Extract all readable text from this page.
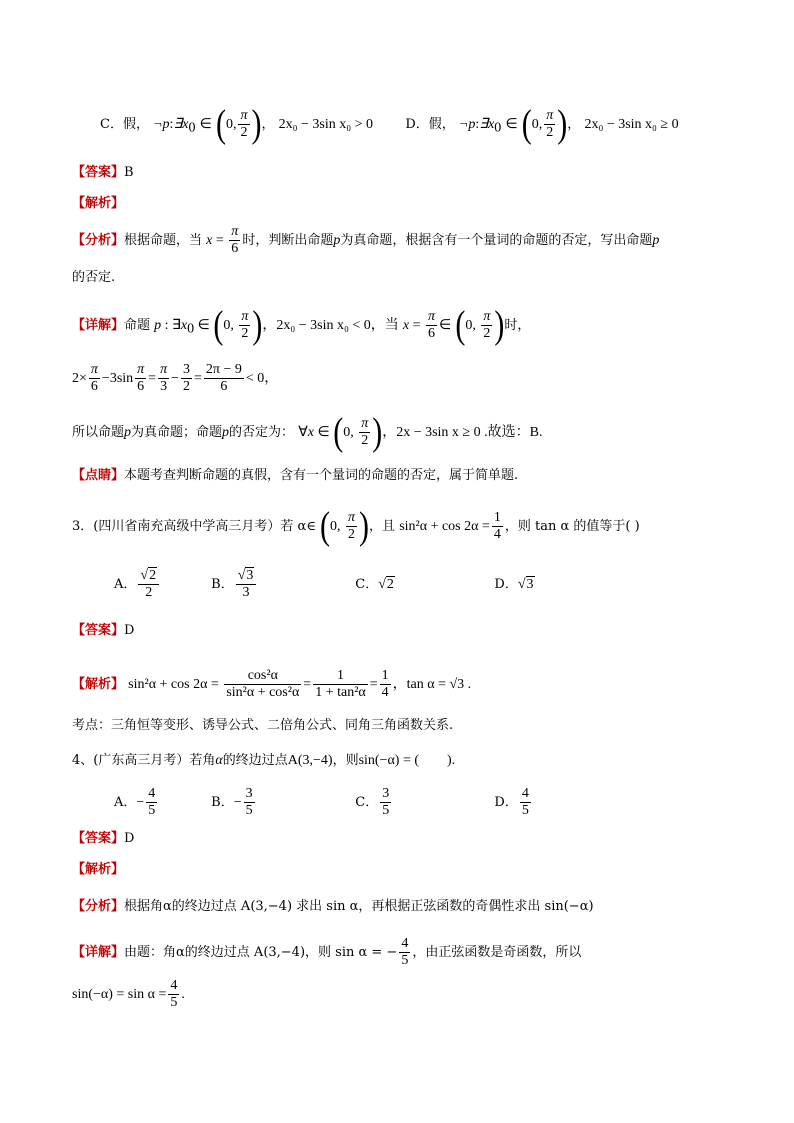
C．假， $\neg p:\exists x_0$ ∈ (0, $\frac{\pi}{2}$ )， 2x₀ − 3sin x₀ > 0 D．假， $\neg p:\exists x_0$ ∈ (0, $\frac{\pi}{2}$ )， 2x₀ − 3sin x₀ ≥ 0
【答案】B
【解析】
【分析】根据命题，当 $x = \frac{\pi}{6}$ 时，判断出命题p为真命题，根据含有一个量词的命题的否定，写出命题p
的否定.
【详解】命题 p : $\exists x_0$ ∈ (0, $\frac{\pi}{2}$ )，2x₀ − 3sin x₀ < 0，当 $x = \frac{\pi}{6}$ ∈ (0, $\frac{\pi}{2}$ )时，
$2\times \frac{\pi}{6} -3\sin \frac{\pi}{6} = \frac{\pi}{3} - \frac{3}{2} = \frac{2\pi - 9}{6} < 0$，
所以命题p为真命题；命题p的否定为： ∀x ∈ (0, $\frac{\pi}{2}$ )，2x − 3sin x ≥ 0 .故选：B.
【点睛】本题考查判断命题的真假，含有一个量词的命题的否定，属于简单题.
3．(四川省南充高级中学高三月考）若 α∈ (0, $\frac{\pi}{2}$ )，且 $\sin^2\alpha + \cos 2\alpha = \frac{1}{4}$ ，则 tan α 的值等于( )
A． $\frac{√2}{2}$	B． $\frac{√3}{3}$	C．√2	D．√3
【答案】D
【解析】 $\sin^2\alpha + \cos 2\alpha = \frac{\text{cos²α}}{\text{sin²α + cos²α}} = \frac{1}{\text{1 + tan²α}} = \frac{1}{4}$ ，tan α = √3 .
考点：三角恒等变形、诱导公式、二倍角公式、同角三角函数关系.
4、(广东高三月考）若角α的终边过点A(3,−4)，则sin(−α) = (　　).
A．− $\frac{4}{5}$	B．− $\frac{3}{5}$	C． $\frac{3}{5}$	D． $\frac{4}{5}$
【答案】D
【解析】
【分析】根据角α的终边过点 A(3,−4) 求出 sin α，再根据正弦函数的奇偶性求出 sin(−α)
【详解】由题：角α的终边过点 A(3,−4)，则 sin α = − $\frac{4}{5}$ ，由正弦函数是奇函数，所以
$\sin(-\alpha) = \sin \alpha = \frac{4}{5}$ .
